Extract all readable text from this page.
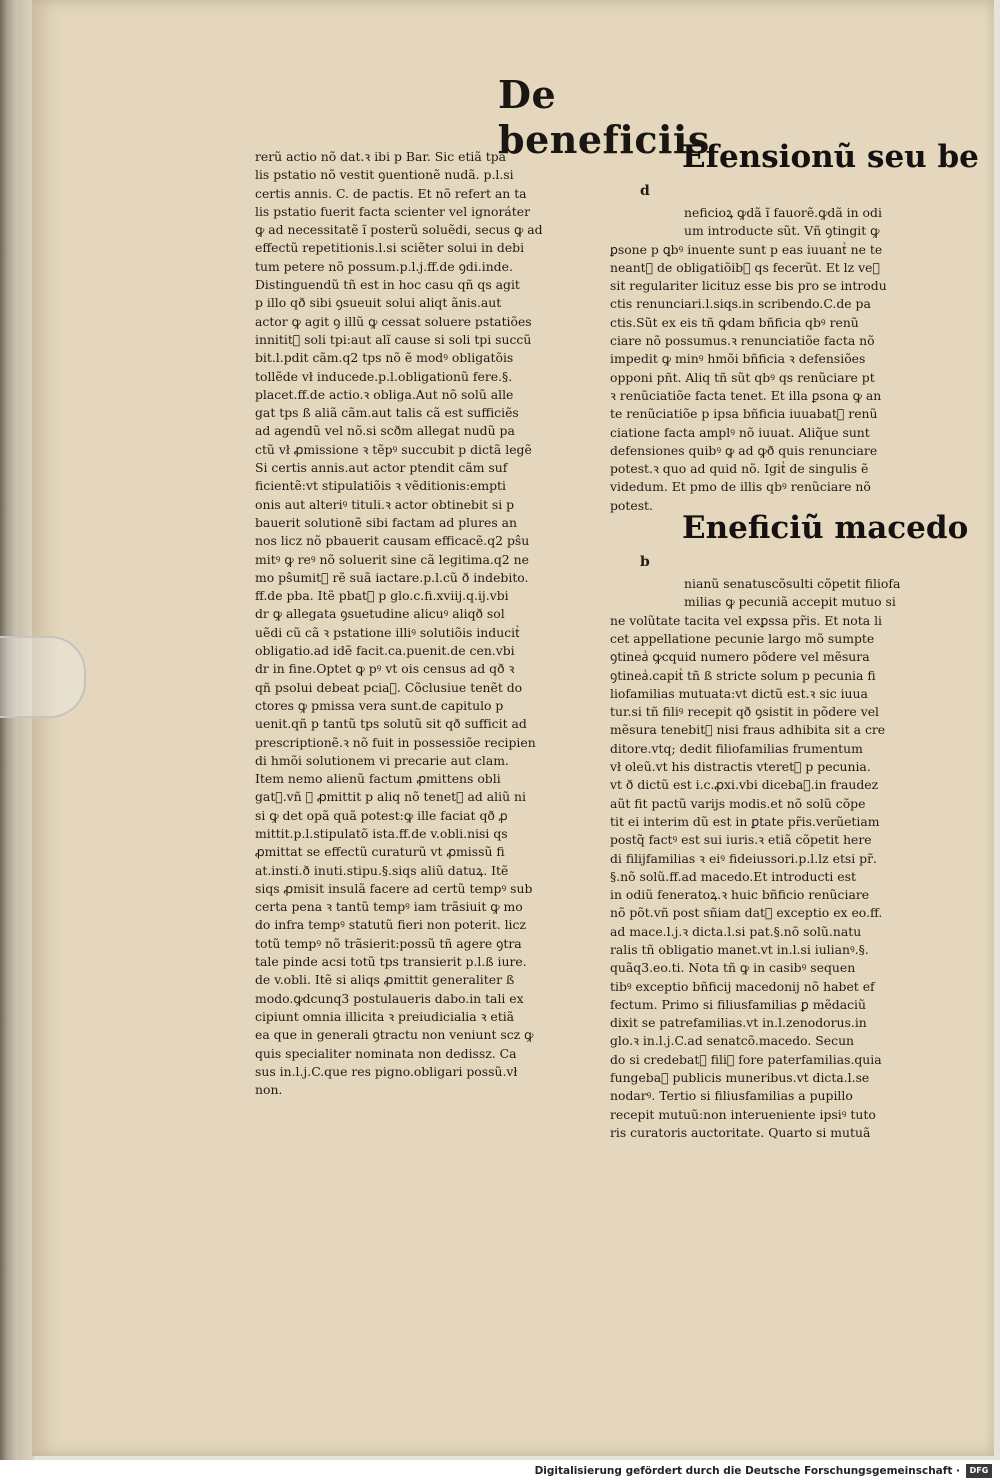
De beneficiis
rerũ actio nõ dat.ꝛ ibi p Bar. Sic etiã tpa
lis pstatio nõ vestit ꝯuentionẽ nudã. p.l.si
certis annis. C. de pactis. Et nõ refert an ta
lis pstatio fuerit facta scienter vel ignoráter
ꝙ ad necessitatẽ ĩ posterũ soluẽdi, secus ꝙ ad
effectũ repetitionis.l.si sciẽter solui in debi
tum petere nõ possum.p.l.j.ff.de ꝯdi.inde.
Distinguendũ tñ est in hoc casu qñ qs agit
p illo qð sibi ꝯsueuit solui aliqt ãnis.aut
actor ꝙ agit ꝯ illũ ꝙ cessat soluere pstatiões
innititᷣ soli tpi:aut alĩ cause si soli tpi succũ
bit.l.pdit cãm.q2 tps nõ ẽ modꝰ obligatõis
tollẽde vł inducede.p.l.obligationũ fere.§.
placet.ff.de actio.ꝛ obliga.Aut nõ solũ alle
gat tps ß aliã cãm.aut talis cã est sufficiẽs
ad agendũ vel nõ.si scðm allegat nudũ pa
ctũ vł ꝓmissione ꝛ tẽpꝰ succubit p dictã legẽ
Si certis annis.aut actor ptendit cãm suf
ficientẽ:vt stipulatiõis ꝛ vẽditionis:empti
onis aut alteriꝰ tituli.ꝛ actor obtinebit si p
bauerit solutionẽ sibi factam ad plures an
nos licz nõ pbauerit causam efficacẽ.q2 pŝu
mitꝰ ꝙ reꝰ nõ soluerit sine cã legitima.q2 ne
mo pŝumitᷣ rẽ suã iactare.p.l.cũ ð indebito.
ff.de pba. Itẽ pbatᷣ p glo.c.fi.xviij.q.ij.vbi
dr ꝙ allegata ꝯsuetudine alicuꝰ aliqð sol
uẽdi cũ cã ꝛ pstatione illiꝰ solutiõis inducitᷣ
obligatio.ad idẽ facit.ca.puenit.de cen.vbi
dr in fine.Optet ꝙ pꝰ vt ois census ad qð ꝛ
qñ psolui debeat pciaᷣ. Cõclusiue tenẽt do
ctores ꝙ pmissa vera sunt.de capitulo p
uenit.qñ p tantũ tps solutũ sit qð sufficit ad
prescriptionẽ.ꝛ nõ fuit in possessiõe recipien
di hmõi solutionem vi precarie aut clam.
Item nemo alienũ factum ꝓmittens obli
gatᷣ.vñ ꝙ ꝓmittit p aliq nõ tenetᷣ ad aliũ ni
si ꝙ det opã quã potest:ꝙ ille faciat qð ꝓ
mittit.p.l.stipulatõ ista.ff.de v.obli.nisi qs
ꝓmittat se effectũ curaturũ vt ꝓmissũ fi
at.insti.ð inuti.stipu.§.siqs aliũ datuꝝ. Itẽ
siqs ꝓmisit insulã facere ad certũ tempꝰ sub
certa pena ꝛ tantũ tempꝰ iam trãsiuit ꝙ mo
do infra tempꝰ statutũ fieri non poterit. licz
totũ tempꝰ nõ trãsierit:possũ tñ agere ꝯtra
tale pinde acsi totũ tps transierit p.l.ß iure.
de v.obli. Itẽ si aliqs ꝓmittit generaliter ß
modo.ꝙdcunq3 postulaueris dabo.in tali ex
cipiunt omnia illicita ꝛ preiudicialia ꝛ etiã
ea que in generali ꝯtractu non veniunt scz ꝙ
quis specialiter nominata non dedissz. Ca
sus in.l.j.C.que res pigno.obligari possũ.vł
non.
Efensionũ seu be
d
neficioꝝ ꝙdã ĩ fauorẽ.ꝙdã in odi
um introducte sũt. Vñ ꝯtingit ꝙ
ꝑsone p ꝗbꝰ inuente sunt p eas iuuantᷣ ne te
neantᷣ de obligatiõibꝰ qs fecerũt. Et lz veꝝ
sit regulariter licituz esse bis pro se introdu
ctis renunciari.l.siqs.in scribendo.C.de pa
ctis.Sũt ex eis tñ ꝙdam bñficia qbꝰ renũ
ciare nõ possumus.ꝛ renunciatiõe facta nõ
impedit ꝙ minꝰ hmõi bñficia ꝛ defensiões
opponi pñt. Aliq tñ sũt qbꝰ qs renũciare pt
ꝛ renũciatiõe facta tenet. Et illa ꝑsona ꝙ an
te renũciatiõe p ipsa bñficia iuuabatᷣ renũ
ciatione facta amplꝰ nõ iuuat. Aliq̃ue sunt
defensiones quibꝰ ꝙ ad ꝙð quis renunciare
potest.ꝛ quo ad quid nõ. Igitᷣ de singulis ẽ
videdum. Et pmo de illis qbꝰ renũciare nõ
potest.
Eneficiũ macedo
b
nianũ senatuscõsulti cõpetit filiofa
milias ꝙ pecuniã accepit mutuo si
ne volũtate tacita vel exꝑssa pr̃is. Et nota li
cet appellatione pecunie largo mõ sumpte
ꝯtineaᷣ ꝙcquid numero põdere vel mẽsura
ꝯtineaᷣ.capitᷣ tñ ß stricte solum p pecunia fi
liofamilias mutuata:vt dictũ est.ꝛ sic iuua
tur.si tñ filiꝰ recepit qð ꝯsistit in põdere vel
mẽsura tenebitᷣ nisi fraus adhibita sit a cre
ditore.vtq; dedit filiofamilias frumentum
vł oleũ.vt his distractis vteretᷣ p pecunia.
vt ð dictũ est i.c.ꝓxi.vbi dicebaᷣ.in fraudez
aũt fit pactũ varijs modis.et nõ solũ cõpe
tit ei interim dũ est in ꝑtate pr̃is.verũetiam
postq̃ factꝰ est sui iuris.ꝛ etiã cõpetit here
di filijfamilias ꝛ eiꝰ fideiussori.p.l.lz etsi pr̃.
§.nõ solũ.ff.ad macedo.Et introducti est
in odiũ feneratoꝝ.ꝛ huic bñficio renũciare
nõ põt.vñ post sñiam datᷣ exceptio ex eo.ff.
ad mace.l.j.ꝛ dicta.l.si pat.§.nõ solũ.natu
ralis tñ obligatio manet.vt in.l.si iulianꝰ.§.
quãq3.eo.ti. Nota tñ ꝙ in casibꝰ sequen
tibꝰ exceptio bñficij macedonij nõ habet ef
fectum. Primo si filiusfamilias ꝑ mẽdaciũ
dixit se patrefamilias.vt in.l.zenodorus.in
glo.ꝛ in.l.j.C.ad senatcõ.macedo. Secun
do si credebatᷣ filiꝰ fore paterfamilias.quia
fungebaᷣ publicis muneribus.vt dicta.l.se
nodarꝰ. Tertio si filiusfamilias a pupillo
recepit mutuũ:non interueniente ipsiꝰ tuto
ris curatoris auctoritate. Quarto si mutuã
Digitalisierung gefördert durch die Deutsche Forschungsgemeinschaft ·	DFG
